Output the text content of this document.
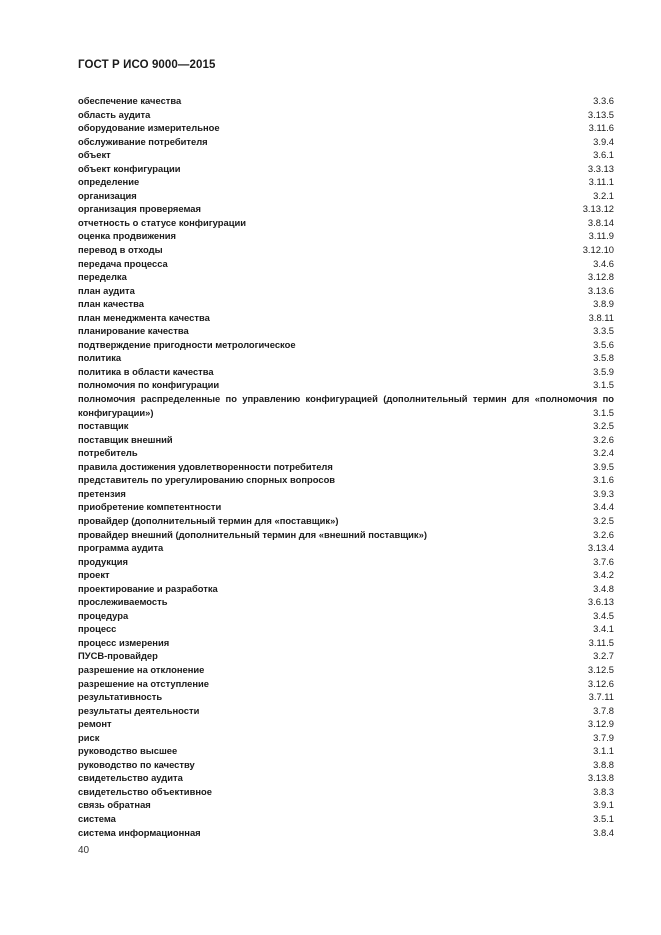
ГОСТ Р ИСО 9000—2015
обеспечение качества	3.3.6
область аудита	3.13.5
оборудование измерительное	3.11.6
обслуживание потребителя	3.9.4
объект	3.6.1
объект конфигурации	3.3.13
определение	3.11.1
организация	3.2.1
организация проверяемая	3.13.12
отчетность о статусе конфигурации	3.8.14
оценка продвижения	3.11.9
перевод в отходы	3.12.10
передача процесса	3.4.6
переделка	3.12.8
план аудита	3.13.6
план качества	3.8.9
план менеджмента качества	3.8.11
планирование качества	3.3.5
подтверждение пригодности метрологическое	3.5.6
политика	3.5.8
политика в области качества	3.5.9
полномочия по конфигурации	3.1.5
полномочия распределенные по управлению конфигурацией (дополнительный термин для «полномочия по конфигурации»)	3.1.5
поставщик	3.2.5
поставщик внешний	3.2.6
потребитель	3.2.4
правила достижения удовлетворенности потребителя	3.9.5
представитель по урегулированию спорных вопросов	3.1.6
претензия	3.9.3
приобретение компетентности	3.4.4
провайдер (дополнительный термин для «поставщик»)	3.2.5
провайдер внешний (дополнительный термин для «внешний поставщик»)	3.2.6
программа аудита	3.13.4
продукция	3.7.6
проект	3.4.2
проектирование и разработка	3.4.8
прослеживаемость	3.6.13
процедура	3.4.5
процесс	3.4.1
процесс измерения	3.11.5
ПУСВ-провайдер	3.2.7
разрешение на отклонение	3.12.5
разрешение на отступление	3.12.6
результативность	3.7.11
результаты деятельности	3.7.8
ремонт	3.12.9
риск	3.7.9
руководство высшее	3.1.1
руководство по качеству	3.8.8
свидетельство аудита	3.13.8
свидетельство объективное	3.8.3
связь обратная	3.9.1
система	3.5.1
система информационная	3.8.4
40
